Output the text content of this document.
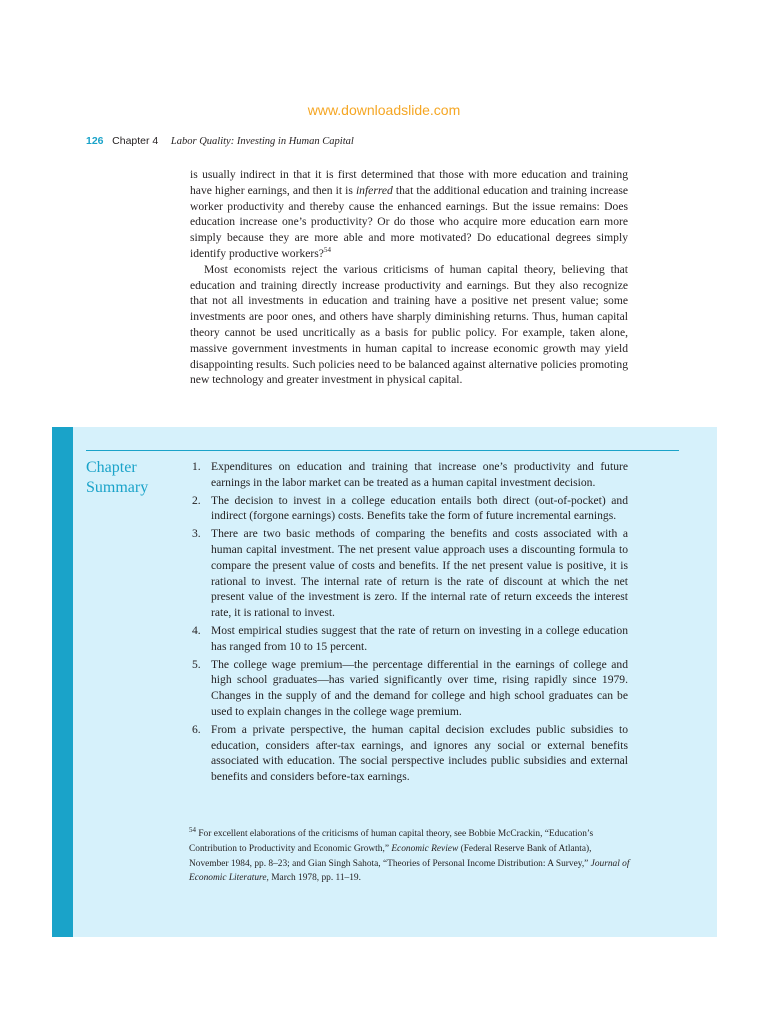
www.downloadslide.com
126 Chapter 4 Labor Quality: Investing in Human Capital

is usually indirect in that it is first determined that those with more education and training have higher earnings, and then it is inferred that the additional education and training increase worker productivity and thereby cause the enhanced earnings. But the issue remains: Does education increase one’s productivity? Or do those who acquire more education earn more simply because they are more able and more motivated? Do educational degrees simply identify productive workers?$^{54}$

Most economists reject the various criticisms of human capital theory, believing that education and training directly increase productivity and earnings. But they also recognize that not all investments in education and training have a positive net present value; some investments are poor ones, and others have sharply diminishing returns. Thus, human capital theory cannot be used uncritically as a basis for public policy. For example, taken alone, massive government investments in human capital to increase economic growth may yield disappointing results. Such policies need to be balanced against alternative policies promoting new technology and greater investment in physical capital.

Chapter
Summary
1. Expenditures on education and training that increase one’s productivity and future earnings in the labor market can be treated as a human capital investment decision.
2. The decision to invest in a college education entails both direct (out-of-pocket) and indirect (forgone earnings) costs. Benefits take the form of future incremental earnings.
3. There are two basic methods of comparing the benefits and costs associated with a human capital investment. The net present value approach uses a discounting formula to compare the present value of costs and benefits. If the net present value is positive, it is rational to invest. The internal rate of return is the rate of discount at which the net present value of the investment is zero. If the internal rate of return exceeds the interest rate, it is rational to invest.
4. Most empirical studies suggest that the rate of return on investing in a college education has ranged from 10 to 15 percent.
5. The college wage premium—the percentage differential in the earnings of college and high school graduates—has varied significantly over time, rising rapidly since 1979. Changes in the supply of and the demand for college and high school graduates can be used to explain changes in the college wage premium.
6. From a private perspective, the human capital decision excludes public subsidies to education, considers after-tax earnings, and ignores any social or external benefits associated with education. The social perspective includes public subsidies and external benefits and considers before-tax earnings.
$^{54}$ For excellent elaborations of the criticisms of human capital theory, see Bobbie McCrackin, “Education’s Contribution to Productivity and Economic Growth,” Economic Review (Federal Reserve Bank of Atlanta), November 1984, pp. 8–23; and Gian Singh Sahota, “Theories of Personal Income Distribution: A Survey,” Journal of Economic Literature, March 1978, pp. 11–19.
